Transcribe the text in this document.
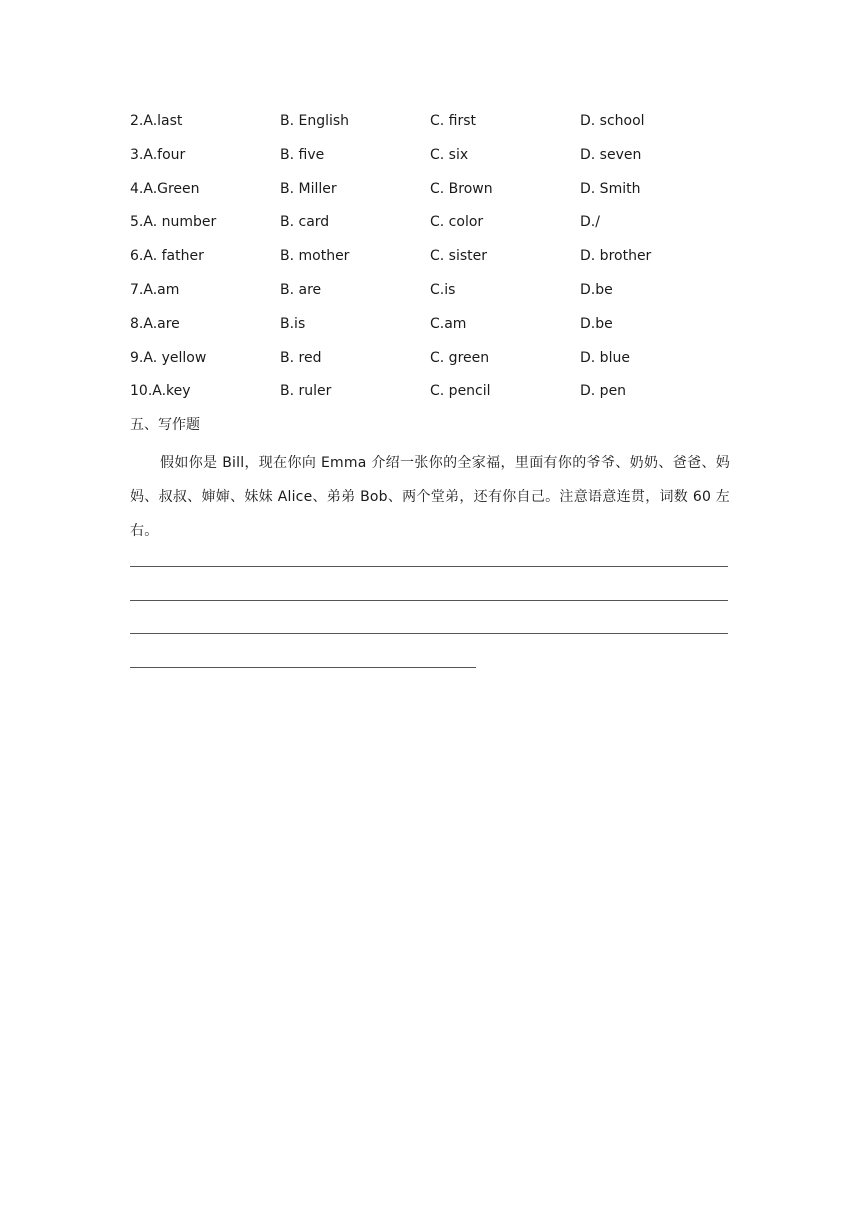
2.A.last	B. English	C. first	D. school
3.A.four	B. five	C. six	D. seven
4.A.Green	B. Miller	C. Brown	D. Smith
5.A. number	B. card	C. color	D./
6.A. father	B. mother	C. sister	D. brother
7.A.am	B. are	C.is	D.be
8.A.are	B.is	C.am	D.be
9.A. yellow	B. red	C. green	D. blue
10.A.key	B. ruler	C. pencil	D. pen
五、写作题
假如你是 Bill，现在你向 Emma 介绍一张你的全家福，里面有你的爷爷、奶奶、爸爸、妈妈、叔叔、婶婶、妹妹 Alice、弟弟 Bob、两个堂弟，还有你自己。注意语意连贯，词数 60 左右。
